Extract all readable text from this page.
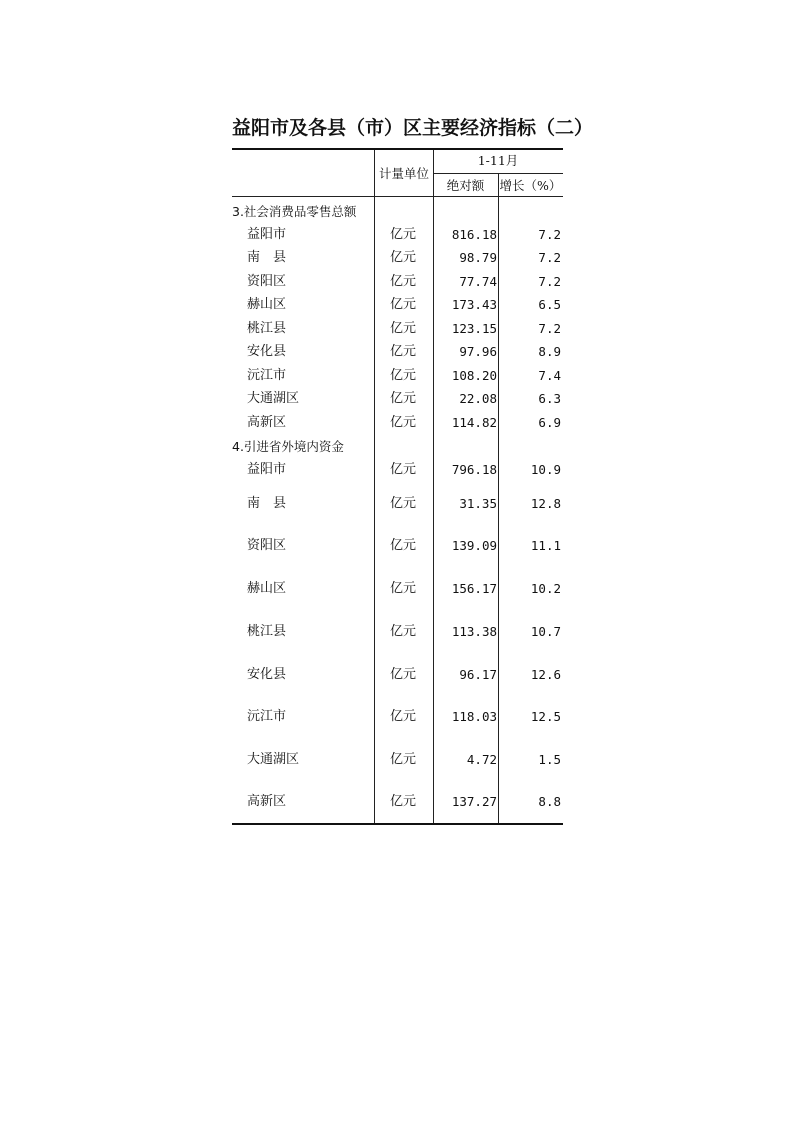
益阳市及各县（市）区主要经济指标（二）
计量单位
1-11月
绝对额	增长（%）
3.社会消费品零售总额
益阳市	亿元	816.18	7.2
南　县	亿元	98.79	7.2
资阳区	亿元	77.74	7.2
赫山区	亿元	173.43	6.5
桃江县	亿元	123.15	7.2
安化县	亿元	97.96	8.9
沅江市	亿元	108.20	7.4
大通湖区	亿元	22.08	6.3
高新区	亿元	114.82	6.9
4.引进省外境内资金
益阳市	亿元	796.18	10.9
南　县	亿元	31.35	12.8
资阳区	亿元	139.09	11.1
赫山区	亿元	156.17	10.2
桃江县	亿元	113.38	10.7
安化县	亿元	96.17	12.6
沅江市	亿元	118.03	12.5
大通湖区	亿元	4.72	1.5
高新区	亿元	137.27	8.8
